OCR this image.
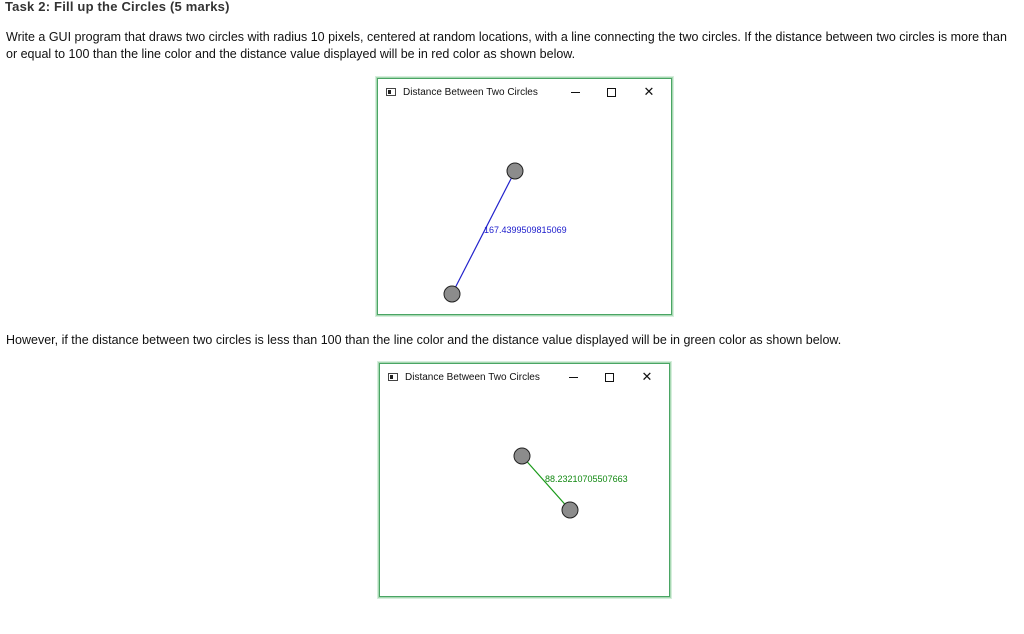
Task 2: Fill up the Circles (5 marks)
Write a GUI program that draws two circles with radius 10 pixels, centered at random locations, with a line connecting the two circles. If the distance between two circles is more than or equal to 100 than the line color and the distance value displayed will be in red color as shown below.
Distance Between Two Circles	✕
167.4399509815069
However, if the distance between two circles is less than 100 than the line color and the distance value displayed will be in green color as shown below.
Distance Between Two Circles	✕
88.23210705507663
